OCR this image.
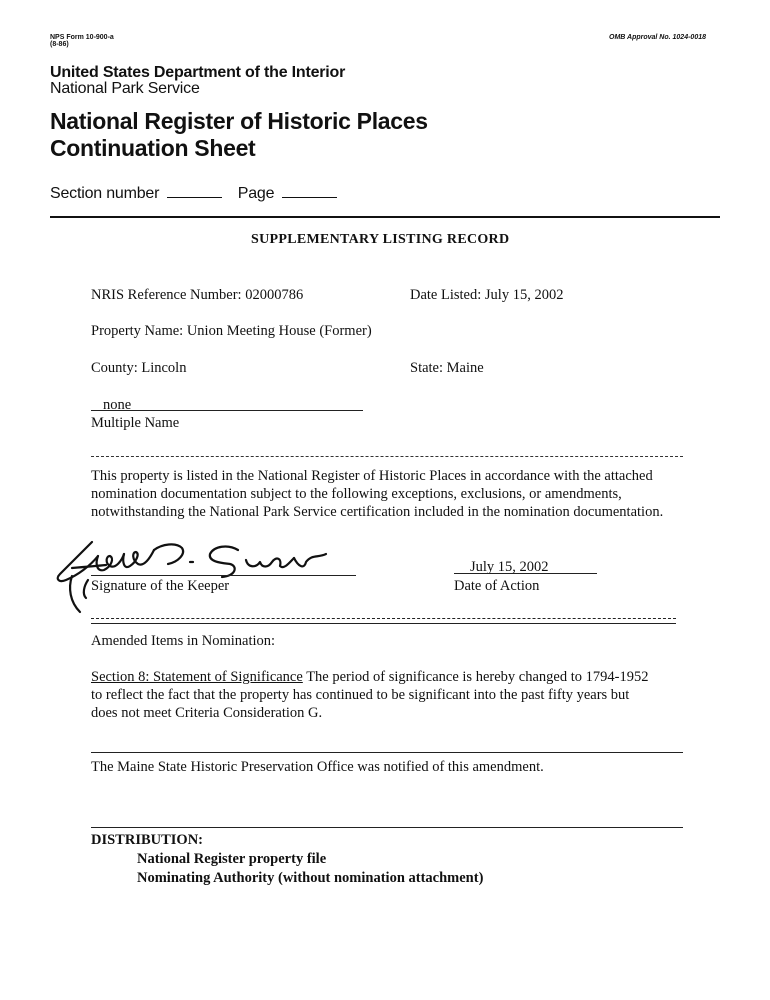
NPS Form 10-900-a
(8-86)
OMB Approval No. 1024-0018
United States Department of the Interior
National Park Service
National Register of Historic Places
Continuation Sheet
Section number	Page
SUPPLEMENTARY LISTING RECORD
NRIS Reference Number: 02000786	Date Listed: July 15, 2002
Property Name: Union Meeting House (Former)
County: Lincoln	State: Maine
none
Multiple Name
This property is listed in the National Register of Historic Places in accordance with the attached nomination documentation subject to the following exceptions, exclusions, or amendments, notwithstanding the National Park Service certification included in the nomination documentation.
Signature of the Keeper
July 15, 2002
Date of Action
Amended Items in Nomination:
Section 8: Statement of Significance The period of significance is hereby changed to 1794-1952
to reflect the fact that the property has continued to be significant into the past fifty years but
does not meet Criteria Consideration G.
The Maine State Historic Preservation Office was notified of this amendment.
DISTRIBUTION:
National Register property file
Nominating Authority (without nomination attachment)
